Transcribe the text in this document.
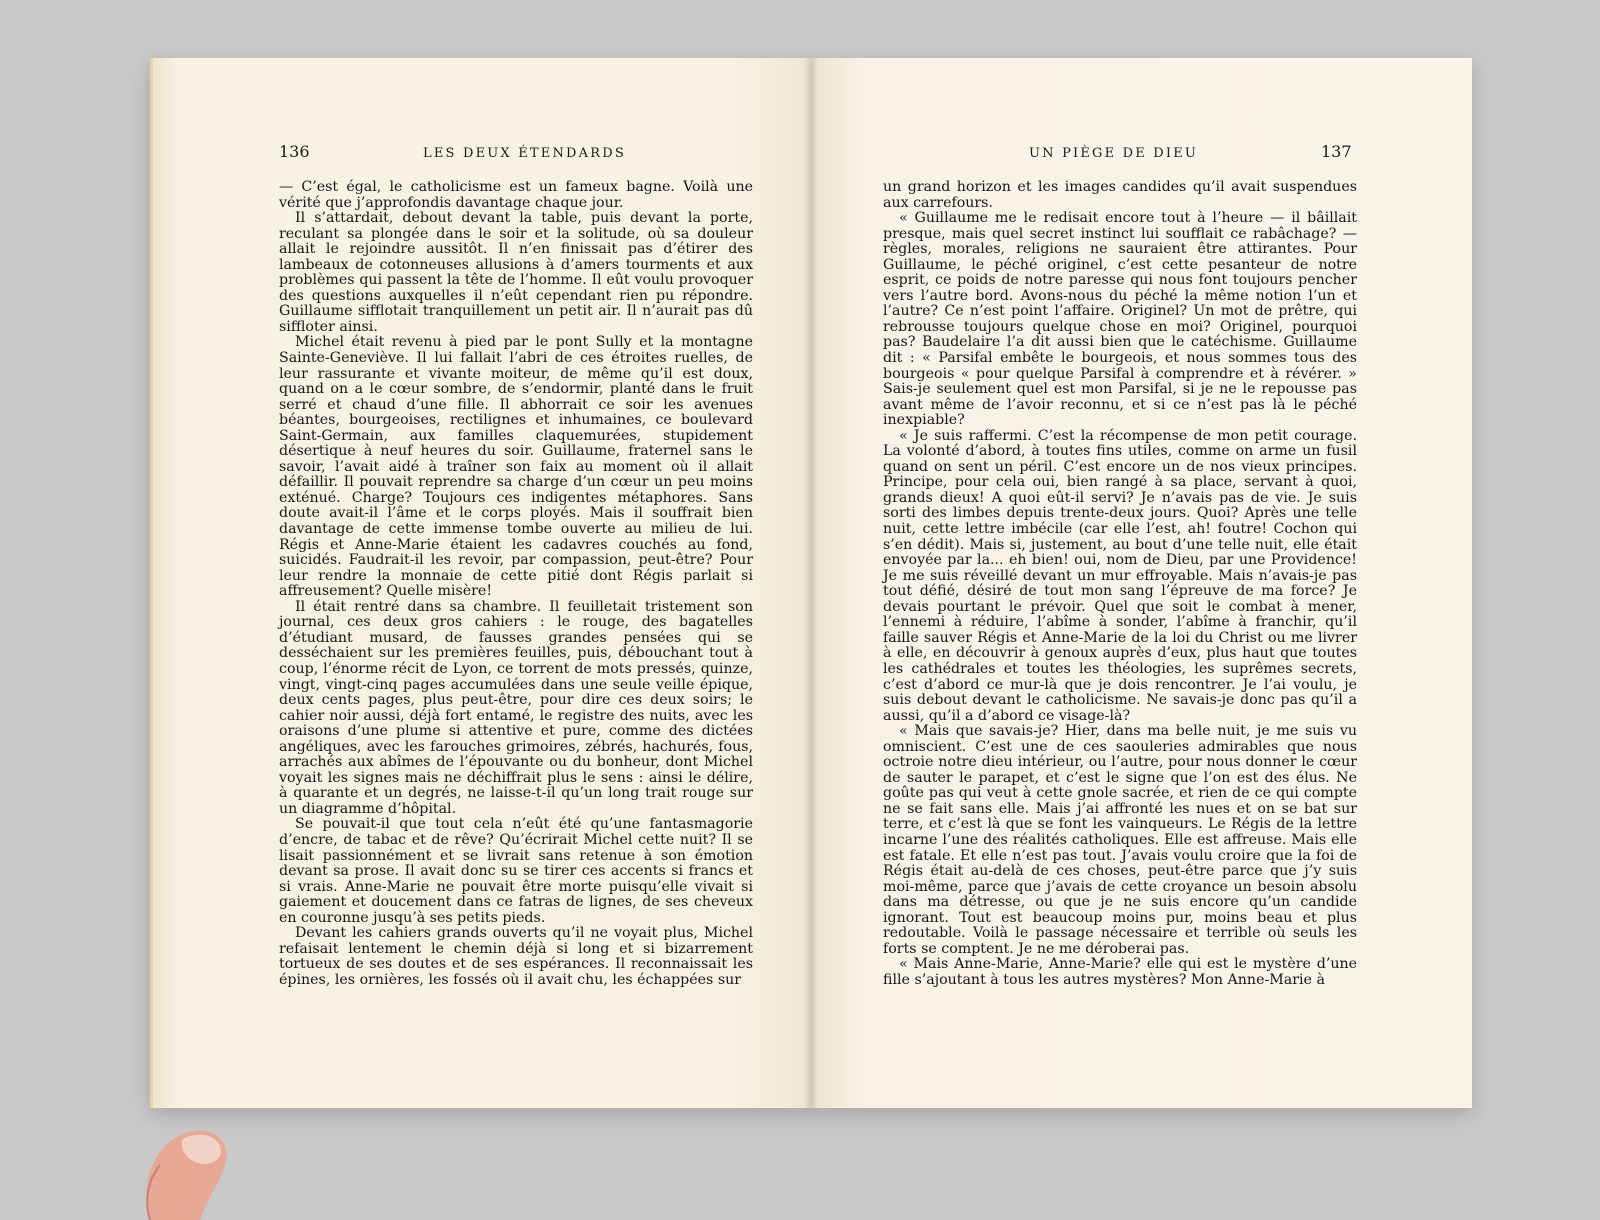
136	LES DEUX ÉTENDARDS

— C’est égal, le catholicisme est un fameux bagne. Voilà une vérité que j’approfondis davantage chaque jour.

Il s’attardait, debout devant la table, puis devant la porte, reculant sa plongée dans le soir et la solitude, où sa douleur allait le rejoindre aussitôt. Il n’en finissait pas d’étirer des lambeaux de cotonneuses allusions à d’amers tourments et aux problèmes qui passent la tête de l’homme. Il eût voulu provoquer des questions auxquelles il n’eût cependant rien pu répondre. Guillaume sifflotait tranquillement un petit air. Il n’aurait pas dû siffloter ainsi.

Michel était revenu à pied par le pont Sully et la montagne Sainte-Geneviève. Il lui fallait l’abri de ces étroites ruelles, de leur rassurante et vivante moiteur, de même qu’il est doux, quand on a le cœur sombre, de s’endormir, planté dans le fruit serré et chaud d’une fille. Il abhorrait ce soir les avenues béantes, bourgeoises, rectilignes et inhumaines, ce boulevard Saint-Germain, aux familles claquemurées, stupidement désertique à neuf heures du soir. Guillaume, fraternel sans le savoir, l’avait aidé à traîner son faix au moment où il allait défaillir. Il pouvait reprendre sa charge d’un cœur un peu moins exténué. Charge? Toujours ces indigentes métaphores. Sans doute avait-il l’âme et le corps ployés. Mais il souffrait bien davantage de cette immense tombe ouverte au milieu de lui. Régis et Anne-Marie étaient les cadavres couchés au fond, suicidés. Faudrait-il les revoir, par compassion, peut-être? Pour leur rendre la monnaie de cette pitié dont Régis parlait si affreusement? Quelle misère!

Il était rentré dans sa chambre. Il feuilletait tristement son journal, ces deux gros cahiers : le rouge, des bagatelles d’étudiant musard, de fausses grandes pensées qui se desséchaient sur les premières feuilles, puis, débouchant tout à coup, l’énorme récit de Lyon, ce torrent de mots pressés, quinze, vingt, vingt-cinq pages accumulées dans une seule veille épique, deux cents pages, plus peut-être, pour dire ces deux soirs; le cahier noir aussi, déjà fort entamé, le registre des nuits, avec les oraisons d’une plume si attentive et pure, comme des dictées angéliques, avec les farouches grimoires, zébrés, hachurés, fous, arrachés aux abîmes de l’épouvante ou du bonheur, dont Michel voyait les signes mais ne déchiffrait plus le sens : ainsi le délire, à quarante et un degrés, ne laisse-t-il qu’un long trait rouge sur un diagramme d’hôpital.

Se pouvait-il que tout cela n’eût été qu’une fantasmagorie d’encre, de tabac et de rêve? Qu’écrirait Michel cette nuit? Il se lisait passionnément et se livrait sans retenue à son émotion devant sa prose. Il avait donc su se tirer ces accents si francs et si vrais. Anne-Marie ne pouvait être morte puisqu’elle vivait si gaiement et doucement dans ce fatras de lignes, de ses cheveux en couronne jusqu’à ses petits pieds.

Devant les cahiers grands ouverts qu’il ne voyait plus, Michel refaisait lentement le chemin déjà si long et si bizarrement tortueux de ses doutes et de ses espérances. Il reconnaissait les épines, les ornières, les fossés où il avait chu, les échappées sur

UN PIÈGE DE DIEU	137

un grand horizon et les images candides qu’il avait suspendues aux carrefours.

« Guillaume me le redisait encore tout à l’heure — il bâillait presque, mais quel secret instinct lui soufflait ce rabâchage? — règles, morales, religions ne sauraient être attirantes. Pour Guillaume, le péché originel, c’est cette pesanteur de notre esprit, ce poids de notre paresse qui nous font toujours pencher vers l’autre bord. Avons-nous du péché la même notion l’un et l’autre? Ce n’est point l’affaire. Originel? Un mot de prêtre, qui rebrousse toujours quelque chose en moi? Originel, pourquoi pas? Baudelaire l’a dit aussi bien que le catéchisme. Guillaume dit : « Parsifal embête le bourgeois, et nous sommes tous des bourgeois « pour quelque Parsifal à comprendre et à révérer. » Sais-je seulement quel est mon Parsifal, si je ne le repousse pas avant même de l’avoir reconnu, et si ce n’est pas là le péché inexpiable?

« Je suis raffermi. C’est la récompense de mon petit courage. La volonté d’abord, à toutes fins utiles, comme on arme un fusil quand on sent un péril. C’est encore un de nos vieux principes. Principe, pour cela oui, bien rangé à sa place, servant à quoi, grands dieux! A quoi eût-il servi? Je n’avais pas de vie. Je suis sorti des limbes depuis trente-deux jours. Quoi? Après une telle nuit, cette lettre imbécile (car elle l’est, ah! foutre! Cochon qui s’en dédit). Mais si, justement, au bout d’une telle nuit, elle était envoyée par la... eh bien! oui, nom de Dieu, par une Providence! Je me suis réveillé devant un mur effroyable. Mais n’avais-je pas tout défié, désiré de tout mon sang l’épreuve de ma force? Je devais pourtant le prévoir. Quel que soit le combat à mener, l’ennemi à réduire, l’abîme à sonder, l’abîme à franchir, qu’il faille sauver Régis et Anne-Marie de la loi du Christ ou me livrer à elle, en découvrir à genoux auprès d’eux, plus haut que toutes les cathédrales et toutes les théologies, les suprêmes secrets, c’est d’abord ce mur-là que je dois rencontrer. Je l’ai voulu, je suis debout devant le catholicisme. Ne savais-je donc pas qu’il a aussi, qu’il a d’abord ce visage-là?

« Mais que savais-je? Hier, dans ma belle nuit, je me suis vu omniscient. C’est une de ces saouleries admirables que nous octroie notre dieu intérieur, ou l’autre, pour nous donner le cœur de sauter le parapet, et c’est le signe que l’on est des élus. Ne goûte pas qui veut à cette gnole sacrée, et rien de ce qui compte ne se fait sans elle. Mais j’ai affronté les nues et on se bat sur terre, et c’est là que se font les vainqueurs. Le Régis de la lettre incarne l’une des réalités catholiques. Elle est affreuse. Mais elle est fatale. Et elle n’est pas tout. J’avais voulu croire que la foi de Régis était au-delà de ces choses, peut-être parce que j’y suis moi-même, parce que j’avais de cette croyance un besoin absolu dans ma détresse, ou que je ne suis encore qu’un candide ignorant. Tout est beaucoup moins pur, moins beau et plus redoutable. Voilà le passage nécessaire et terrible où seuls les forts se comptent. Je ne me déroberai pas.

« Mais Anne-Marie, Anne-Marie? elle qui est le mystère d’une fille s’ajoutant à tous les autres mystères? Mon Anne-Marie à
